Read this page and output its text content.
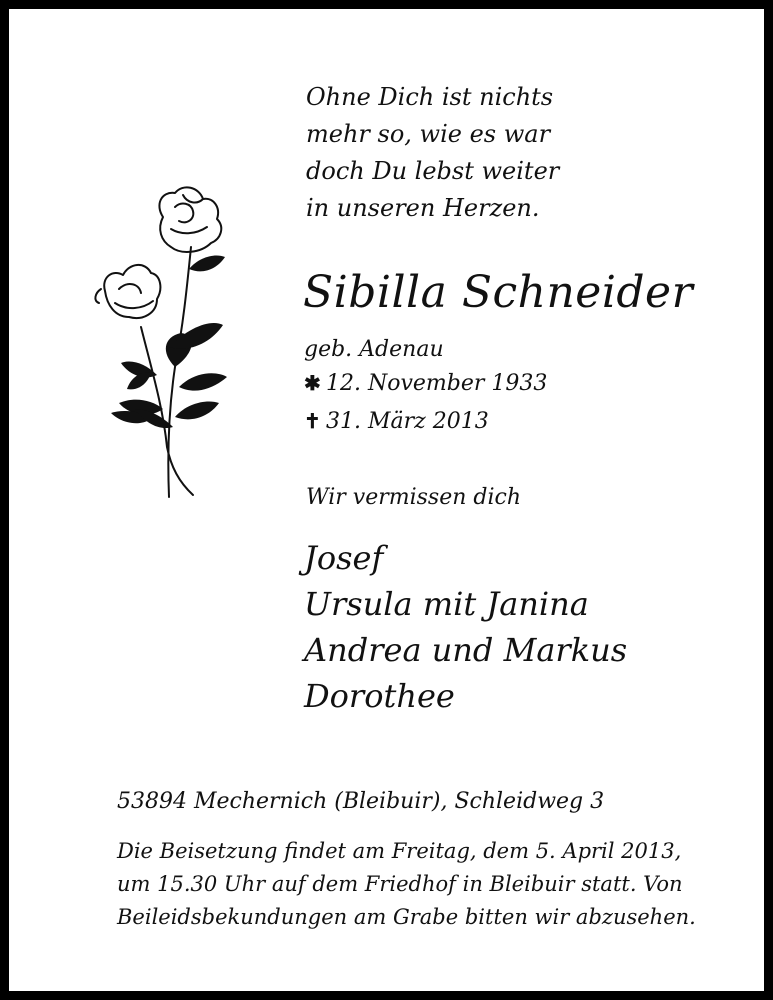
Ohne Dich ist nichts
mehr so, wie es war
doch Du lebst weiter
in unseren Herzen.
Sibilla Schneider
geb. Adenau
✱ 12. November 1933
✝ 31. März 2013
Wir vermissen dich
Josef
Ursula mit Janina
Andrea und Markus
Dorothee
53894 Mechernich (Bleibuir), Schleidweg 3
Die Beisetzung findet am Freitag, dem 5. April 2013,
um 15.30 Uhr auf dem Friedhof in Bleibuir statt. Von
Beileidsbekundungen am Grabe bitten wir abzusehen.
